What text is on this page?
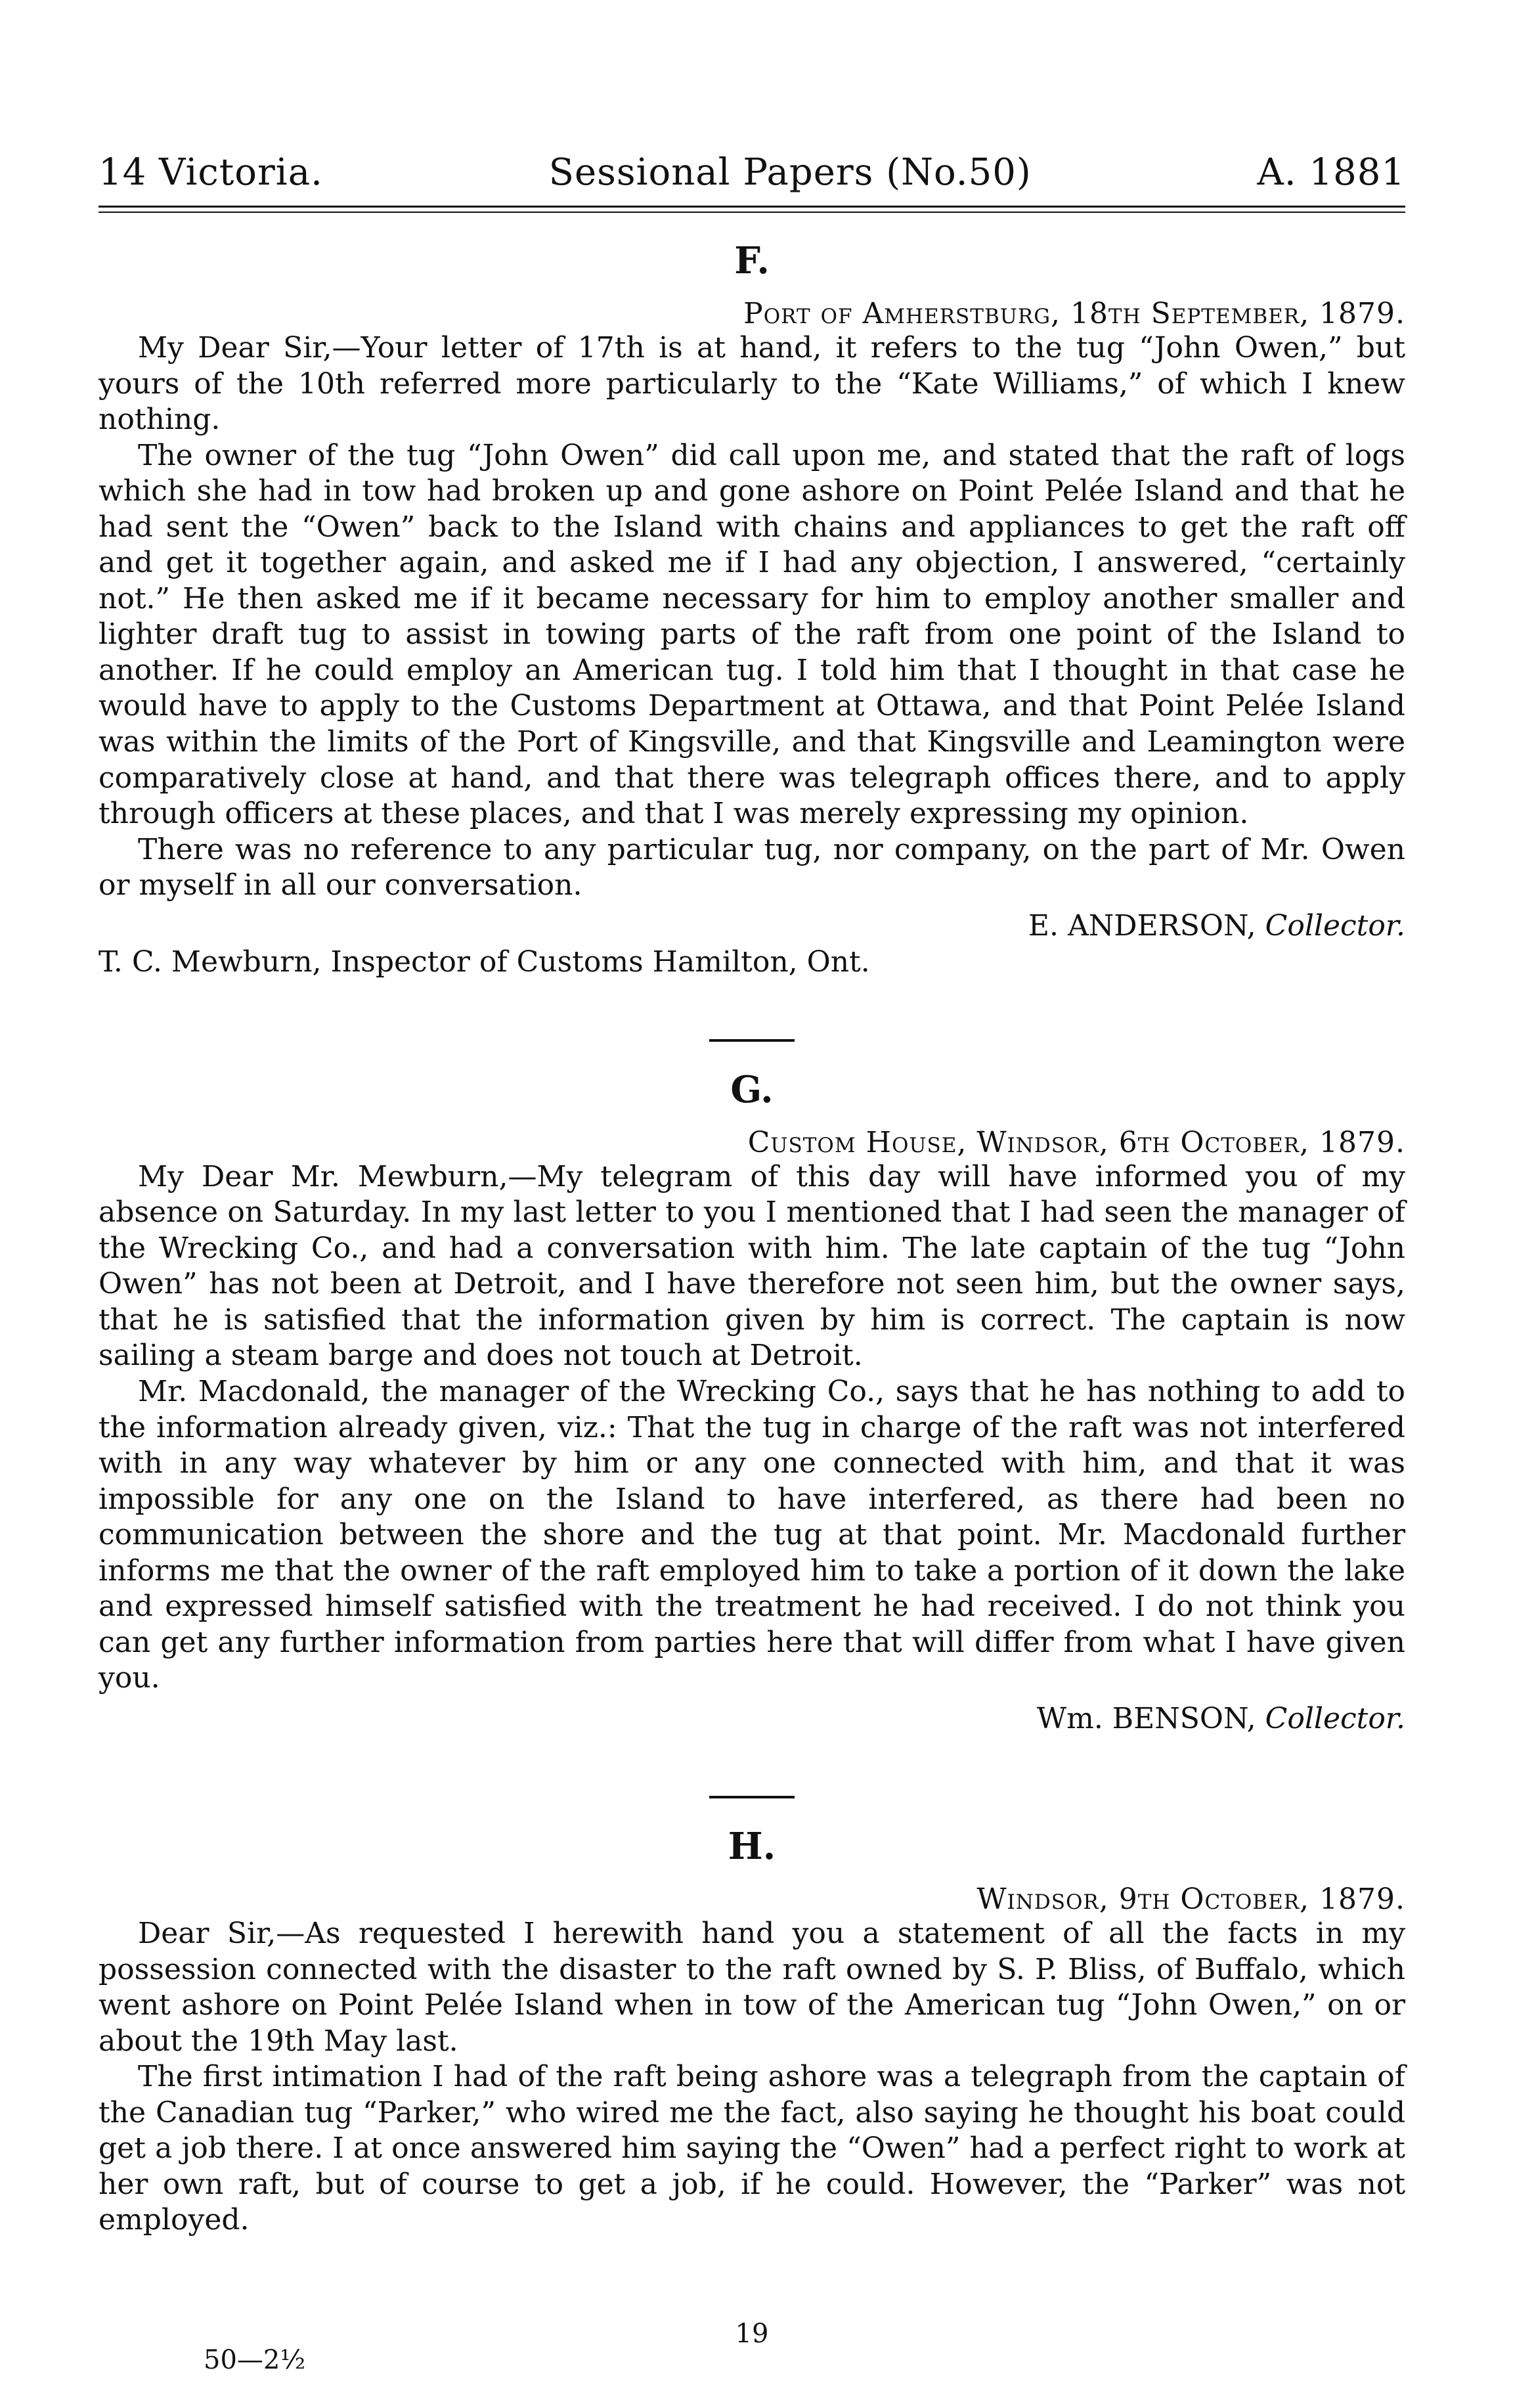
14 Victoria.	Sessional Papers (No.50)	A. 1881
F.
Port of Amherstburg, 18th September, 1879.

My Dear Sir,—Your letter of 17th is at hand, it refers to the tug “John Owen,” but yours of the 10th referred more particularly to the “Kate Williams,” of which I knew nothing.

The owner of the tug “John Owen” did call upon me, and stated that the raft of logs which she had in tow had broken up and gone ashore on Point Pelée Island and that he had sent the “Owen” back to the Island with chains and appliances to get the raft off and get it together again, and asked me if I had any objection, I answered, “certainly not.” He then asked me if it became necessary for him to employ another smaller and lighter draft tug to assist in towing parts of the raft from one point of the Island to another. If he could employ an American tug. I told him that I thought in that case he would have to apply to the Customs Department at Ottawa, and that Point Pelée Island was within the limits of the Port of Kingsville, and that Kingsville and Leamington were comparatively close at hand, and that there was telegraph offices there, and to apply through officers at these places, and that I was merely expressing my opinion.

There was no reference to any particular tug, nor company, on the part of Mr. Owen or myself in all our conversation.

E. ANDERSON, Collector.
T. C. Mewburn, Inspector of Customs Hamilton, Ont.
G.
Custom House, Windsor, 6th October, 1879.

My Dear Mr. Mewburn,—My telegram of this day will have informed you of my absence on Saturday. In my last letter to you I mentioned that I had seen the manager of the Wrecking Co., and had a conversation with him. The late captain of the tug “John Owen” has not been at Detroit, and I have therefore not seen him, but the owner says, that he is satisfied that the information given by him is correct. The captain is now sailing a steam barge and does not touch at Detroit.

Mr. Macdonald, the manager of the Wrecking Co., says that he has nothing to add to the information already given, viz.: That the tug in charge of the raft was not interfered with in any way whatever by him or any one connected with him, and that it was impossible for any one on the Island to have interfered, as there had been no communication between the shore and the tug at that point. Mr. Macdonald further informs me that the owner of the raft employed him to take a portion of it down the lake and expressed himself satisfied with the treatment he had received. I do not think you can get any further information from parties here that will differ from what I have given you.

Wm. BENSON, Collector.
H.
Windsor, 9th October, 1879.

Dear Sir,—As requested I herewith hand you a statement of all the facts in my possession connected with the disaster to the raft owned by S. P. Bliss, of Buffalo, which went ashore on Point Pelée Island when in tow of the American tug “John Owen,” on or about the 19th May last.

The first intimation I had of the raft being ashore was a telegraph from the captain of the Canadian tug “Parker,” who wired me the fact, also saying he thought his boat could get a job there. I at once answered him saying the “Owen” had a perfect right to work at her own raft, but of course to get a job, if he could. However, the “Parker” was not employed.

19
50—2½
